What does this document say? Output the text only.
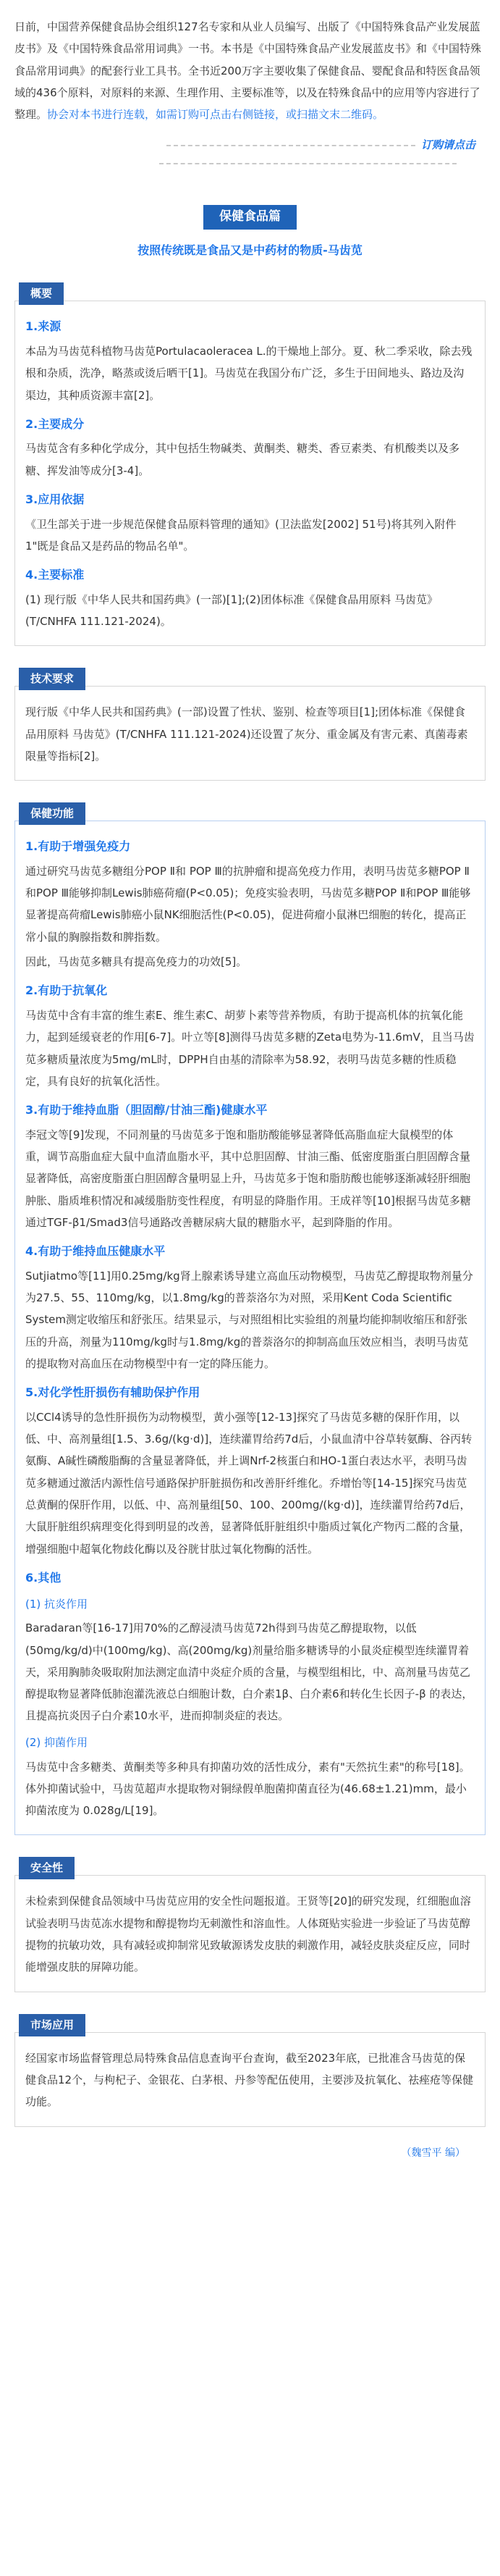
日前，中国营养保健食品协会组织127名专家和从业人员编写、出版了《中国特殊食品产业发展蓝皮书》及《中国特殊食品常用词典》一书。本书是《中国特殊食品产业发展蓝皮书》和《中国特殊食品常用词典》的配套行业工具书。全书近200万字主要收集了保健食品、婴配食品和特医食品领域的436个原料，对原料的来源、生理作用、主要标准等，以及在特殊食品中的应用等内容进行了整理。协会对本书进行连载，如需订购可点击右侧链接，或扫描文末二维码。

订购请点击
保健食品篇
按照传统既是食品又是中药材的物质-马齿苋
概要
1.来源

本品为马齿苋科植物马齿苋Portulacaoleracea L.的干燥地上部分。夏、秋二季采收，除去残根和杂质，洗净，略蒸或烫后晒干[1]。马齿苋在我国分布广泛，多生于田间地头、路边及沟渠边，其种质资源丰富[2]。

2.主要成分

马齿苋含有多种化学成分，其中包括生物碱类、黄酮类、糖类、香豆素类、有机酸类以及多糖、挥发油等成分[3-4]。

3.应用依据

《卫生部关于进一步规范保健食品原料管理的通知》(卫法监发[2002] 51号)将其列入附件1"既是食品又是药品的物品名单"。

4.主要标准

(1) 现行版《中华人民共和国药典》(一部)[1];(2)团体标准《保健食品用原料 马齿苋》(T/CNHFA 111.121-2024)。

技术要求

现行版《中华人民共和国药典》(一部)设置了性状、鉴别、检查等项目[1];团体标准《保健食品用原料 马齿苋》(T/CNHFA 111.121-2024)还设置了灰分、重金属及有害元素、真菌毒素限量等指标[2]。

保健功能
1.有助于增强免疫力

通过研究马齿苋多糖组分POP Ⅱ和 POP Ⅲ的抗肿瘤和提高免疫力作用，表明马齿苋多糖POP Ⅱ和POP Ⅲ能够抑制Lewis肺癌荷瘤(P<0.05)；免疫实验表明，马齿苋多糖POP Ⅱ和POP Ⅲ能够显著提高荷瘤Lewis肺癌小鼠NK细胞活性(P<0.05)，促进荷瘤小鼠淋巴细胞的转化，提高正常小鼠的胸腺指数和脾指数。

因此，马齿苋多糖具有提高免疫力的功效[5]。

2.有助于抗氧化

马齿苋中含有丰富的维生素E、维生素C、胡萝卜素等营养物质，有助于提高机体的抗氧化能力，起到延缓衰老的作用[6-7]。叶立等[8]测得马齿苋多糖的Zeta电势为-11.6mV，且当马齿苋多糖质量浓度为5mg/mL时，DPPH自由基的清除率为58.92，表明马齿苋多糖的性质稳定，具有良好的抗氧化活性。

3.有助于维持血脂（胆固醇/甘油三酯)健康水平

李冠文等[9]发现，不同剂量的马齿苋多于饱和脂肪酸能够显著降低高脂血症大鼠模型的体重，调节高脂血症大鼠中血清血脂水平，其中总胆固醇、甘油三酯、低密度脂蛋白胆固醇含量显著降低，高密度脂蛋白胆固醇含量明显上升，马齿苋多于饱和脂肪酸也能够逐渐减轻肝细胞肿胀、脂质堆积情况和减缓脂肪变性程度，有明显的降脂作用。王成祥等[10]根据马齿苋多糖通过TGF-β1/Smad3信号通路改善糖尿病大鼠的糖脂水平，起到降脂的作用。

4.有助于维持血压健康水平

Sutjiatmo等[11]用0.25mg/kg肾上腺素诱导建立高血压动物模型，马齿苋乙醇提取物剂量分为27.5、55、110mg/kg，以1.8mg/kg的普萘洛尔为对照，采用Kent Coda Scientific System测定收缩压和舒张压。结果显示，与对照组相比实验组的剂量均能抑制收缩压和舒张压的升高，剂量为110mg/kg时与1.8mg/kg的普萘洛尔的抑制高血压效应相当，表明马齿苋的提取物对高血压在动物模型中有一定的降压能力。

5.对化学性肝损伤有辅助保护作用

以CCl4诱导的急性肝损伤为动物模型，黄小强等[12-13]探究了马齿苋多糖的保肝作用，以低、中、高剂量组[1.5、3.6g/(kg·d)]，连续灌胃给药7d后，小鼠血清中谷草转氨酶、谷丙转氨酶、A碱性磷酸脂酶的含量显著降低，并上调Nrf-2核蛋白和HO-1蛋白表达水平，表明马齿苋多糖通过激活内源性信号通路保护肝脏损伤和改善肝纤维化。乔增怡等[14-15]探究马齿苋总黄酮的保肝作用，以低、中、高剂量组[50、100、200mg/(kg·d)]，连续灌胃给药7d后，大鼠肝脏组织病理变化得到明显的改善，显著降低肝脏组织中脂质过氧化产物丙二醛的含量，增强细胞中超氧化物歧化酶以及谷胱甘肽过氧化物酶的活性。

6.其他
(1) 抗炎作用

Baradaran等[16-17]用70%的乙醇浸渍马齿苋72h得到马齿苋乙醇提取物，以低(50mg/kg/d)中(100mg/kg)、高(200mg/kg)剂量给脂多糖诱导的小鼠炎症模型连续灌胃着天，采用胸肺灸吸取附加法测定血清中炎症介质的含量，与模型组相比，中、高剂量马齿苋乙醇提取物显著降低肺泡灌洗液总白细胞计数，白介素1β、白介素6和转化生长因子-β 的表达，且提高抗炎因子白介素10水平，进而抑制炎症的表达。

(2) 抑菌作用

马齿苋中含多糖类、黄酮类等多种具有抑菌功效的活性成分，素有"天然抗生素"的称号[18]。体外抑菌试验中，马齿苋超声水提取物对铜绿假单胞菌抑菌直径为(46.68±1.21)mm，最小抑菌浓度为 0.028g/L[19]。

安全性

未检索到保健食品领域中马齿苋应用的安全性问题报道。王贤等[20]的研究发现，红细胞血溶试验表明马齿苋冻水提物和醇提物均无刺激性和溶血性。人体斑贴实验进一步验证了马齿苋醇提物的抗敏功效，具有减轻或抑制常见致敏源诱发皮肤的刺激作用，减轻皮肤炎症反应，同时能增强皮肤的屏障功能。

市场应用

经国家市场监督管理总局特殊食品信息查询平台查询，截至2023年底，已批准含马齿苋的保健食品12个，与枸杞子、金银花、白茅根、丹参等配伍使用，主要涉及抗氧化、祛痤疮等保健功能。

（魏雪平 编）
